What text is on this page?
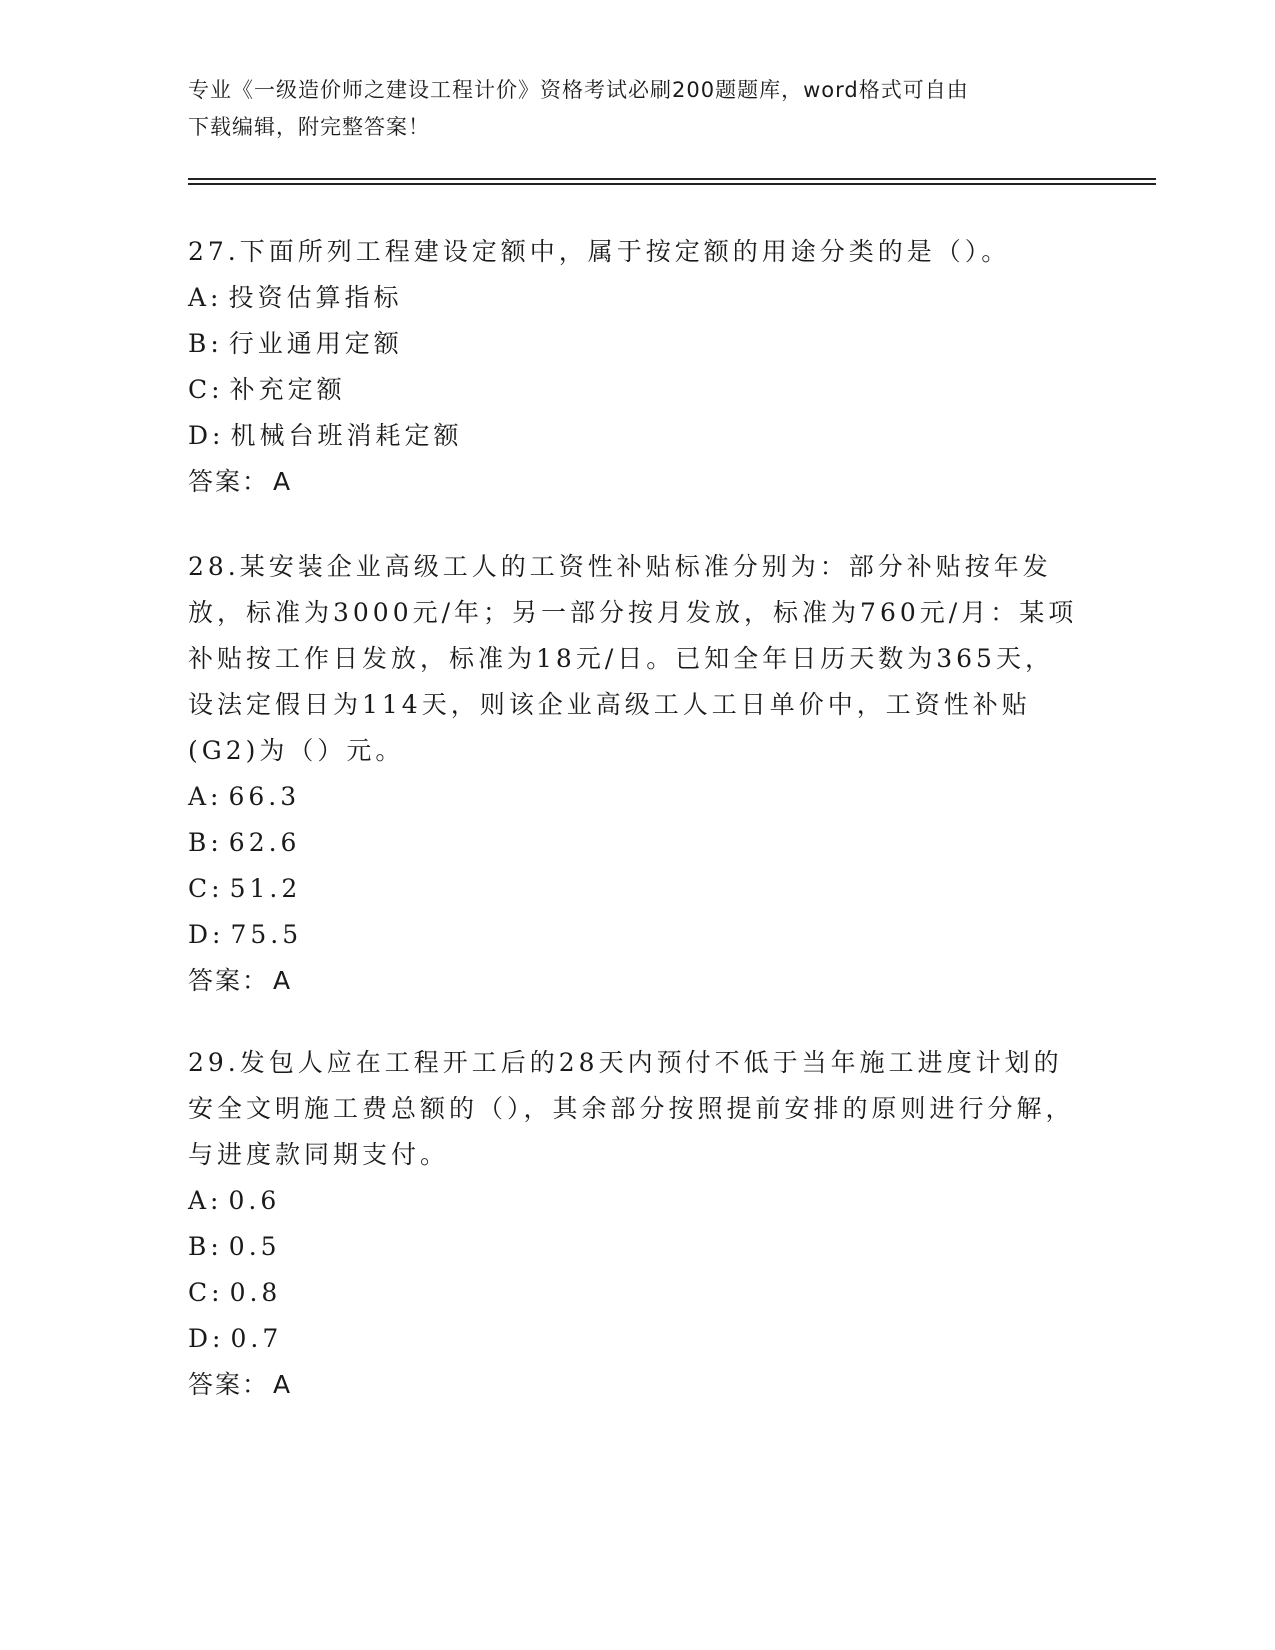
专业《一级造价师之建设工程计价》资格考试必刷200题题库，word格式可自由
下载编辑，附完整答案！
27.下面所列工程建设定额中，属于按定额的用途分类的是（）。
A: 投资估算指标
B: 行业通用定额
C: 补充定额
D: 机械台班消耗定额
答案： A
28.某安装企业高级工人的工资性补贴标准分别为：部分补贴按年发放，标准为3000元/年；另一部分按月发放，标准为760元/月：某项补贴按工作日发放，标准为18元/日。已知全年日历天数为365天，设法定假日为114天，则该企业高级工人工日单价中，工资性补贴(G2)为（）元。
A: 66.3
B: 62.6
C: 51.2
D: 75.5
答案： A
29.发包人应在工程开工后的28天内预付不低于当年施工进度计划的安全文明施工费总额的（），其余部分按照提前安排的原则进行分解，与进度款同期支付。
A: 0.6
B: 0.5
C: 0.8
D: 0.7
答案： A
